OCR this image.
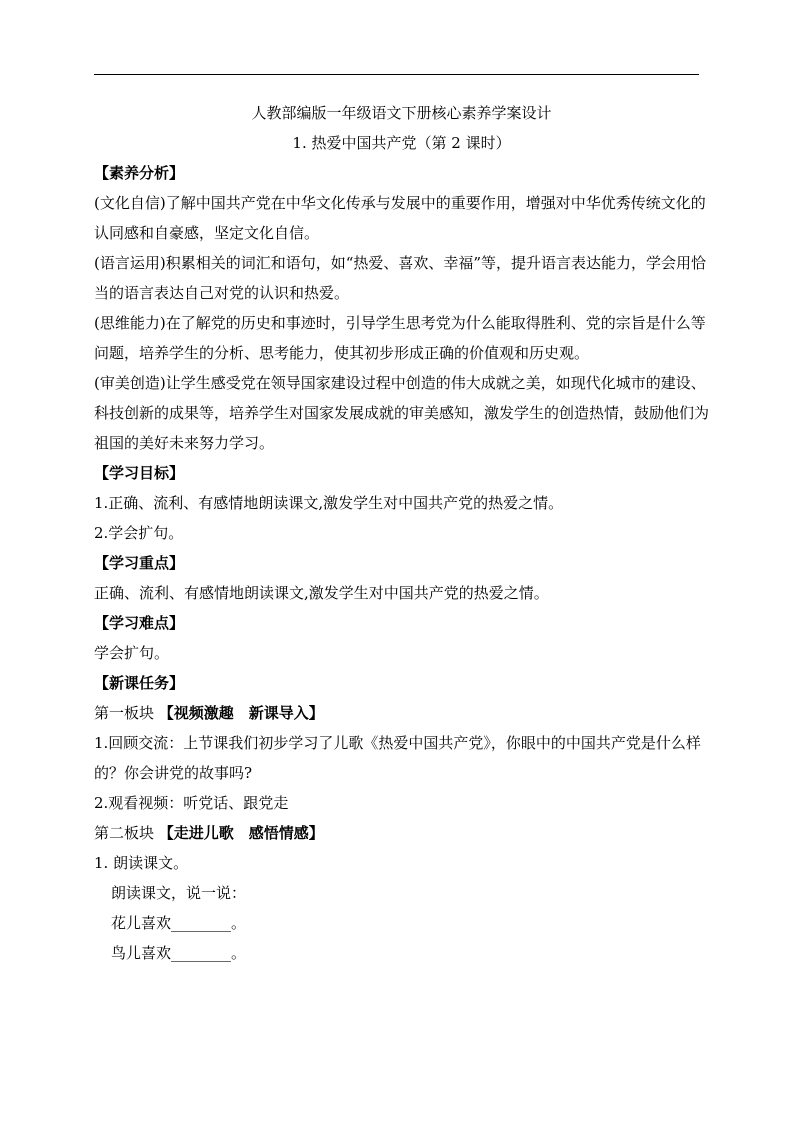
人教部编版一年级语文下册核心素养学案设计
1. 热爱中国共产党（第 2 课时）
【素养分析】
(文化自信)了解中国共产党在中华文化传承与发展中的重要作用，增强对中华优秀传统文化的认同感和自豪感，坚定文化自信。
(语言运用)积累相关的词汇和语句，如“热爱、喜欢、幸福”等，提升语言表达能力，学会用恰当的语言表达自己对党的认识和热爱。
(思维能力)在了解党的历史和事迹时，引导学生思考党为什么能取得胜利、党的宗旨是什么等问题，培养学生的分析、思考能力，使其初步形成正确的价值观和历史观。
(审美创造)让学生感受党在领导国家建设过程中创造的伟大成就之美，如现代化城市的建设、科技创新的成果等，培养学生对国家发展成就的审美感知，激发学生的创造热情，鼓励他们为祖国的美好未来努力学习。
【学习目标】
1.正确、流利、有感情地朗读课文,激发学生对中国共产党的热爱之情。
2.学会扩句。
【学习重点】
正确、流利、有感情地朗读课文,激发学生对中国共产党的热爱之情。
【学习难点】
学会扩句。
【新课任务】
第一板块 【视频激趣　新课导入】
1.回顾交流：上节课我们初步学习了儿歌《热爱中国共产党》，你眼中的中国共产党是什么样的？你会讲党的故事吗?
2.观看视频：听党话、跟党走
第二板块 【走进儿歌　感悟情感】
1. 朗读课文。
朗读课文，说一说：
花儿喜欢________。
鸟儿喜欢________。
